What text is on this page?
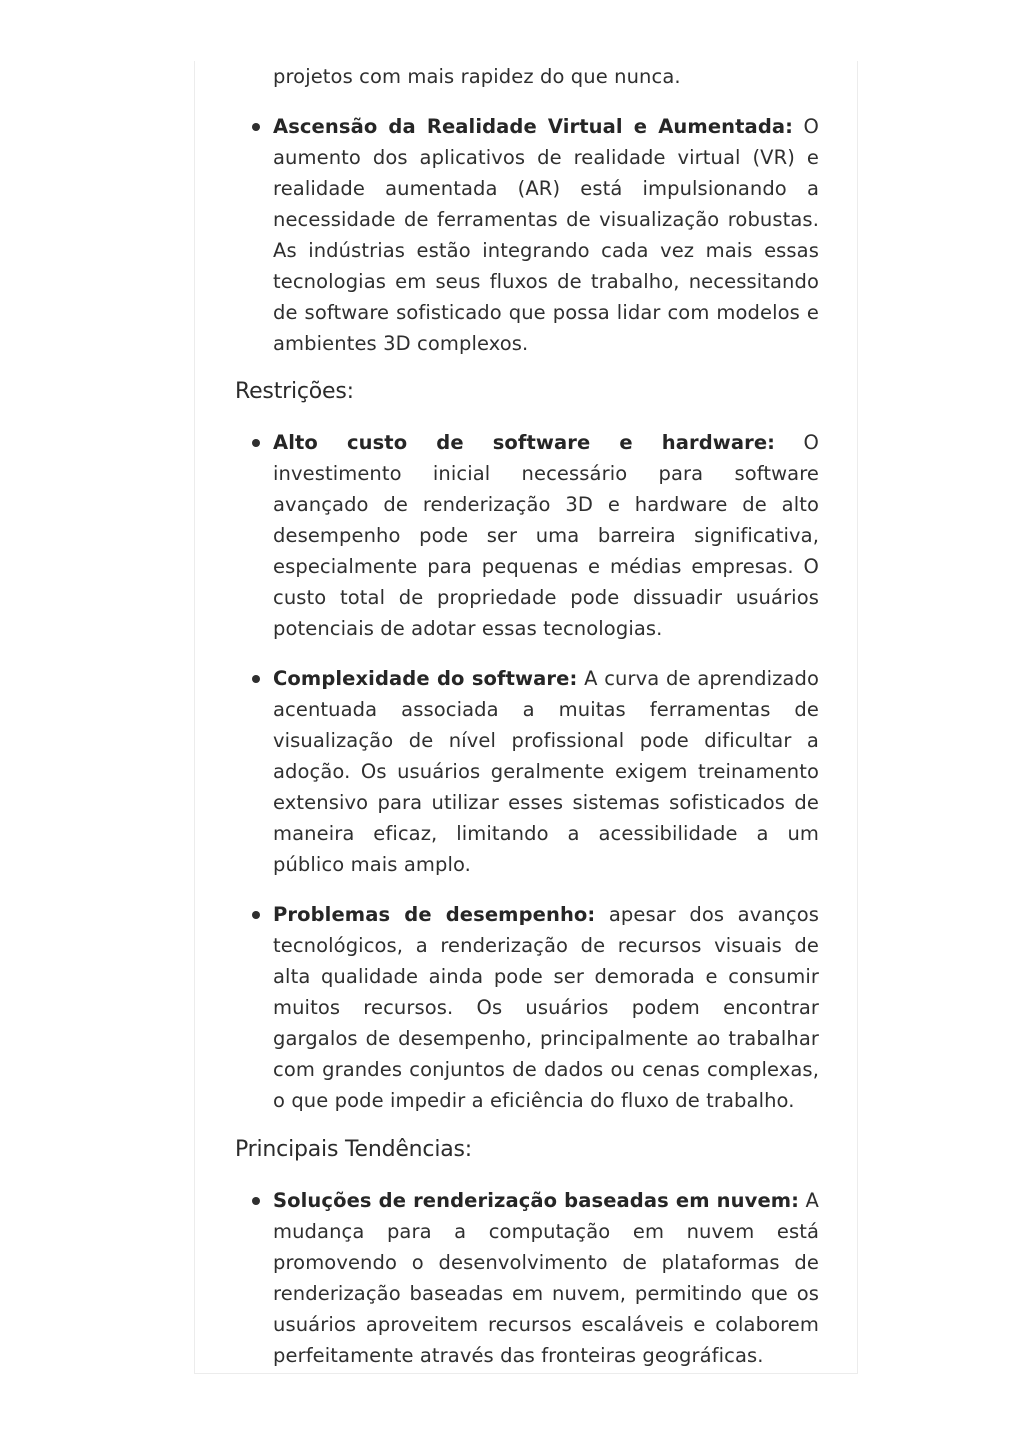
projetos com mais rapidez do que nunca.

Ascensão da Realidade Virtual e Aumentada: O aumento dos aplicativos de realidade virtual (VR) e realidade aumentada (AR) está impulsionando a necessidade de ferramentas de visualização robustas. As indústrias estão integrando cada vez mais essas tecnologias em seus fluxos de trabalho, necessitando de software sofisticado que possa lidar com modelos e ambientes 3D complexos.
Restrições:
Alto custo de software e hardware: O investimento inicial necessário para software avançado de renderização 3D e hardware de alto desempenho pode ser uma barreira significativa, especialmente para pequenas e médias empresas. O custo total de propriedade pode dissuadir usuários potenciais de adotar essas tecnologias.
Complexidade do software: A curva de aprendizado acentuada associada a muitas ferramentas de visualização de nível profissional pode dificultar a adoção. Os usuários geralmente exigem treinamento extensivo para utilizar esses sistemas sofisticados de maneira eficaz, limitando a acessibilidade a um público mais amplo.
Problemas de desempenho: apesar dos avanços tecnológicos, a renderização de recursos visuais de alta qualidade ainda pode ser demorada e consumir muitos recursos. Os usuários podem encontrar gargalos de desempenho, principalmente ao trabalhar com grandes conjuntos de dados ou cenas complexas, o que pode impedir a eficiência do fluxo de trabalho.
Principais Tendências:
Soluções de renderização baseadas em nuvem: A mudança para a computação em nuvem está promovendo o desenvolvimento de plataformas de renderização baseadas em nuvem, permitindo que os usuários aproveitem recursos escaláveis e colaborem perfeitamente através das fronteiras geográficas.
